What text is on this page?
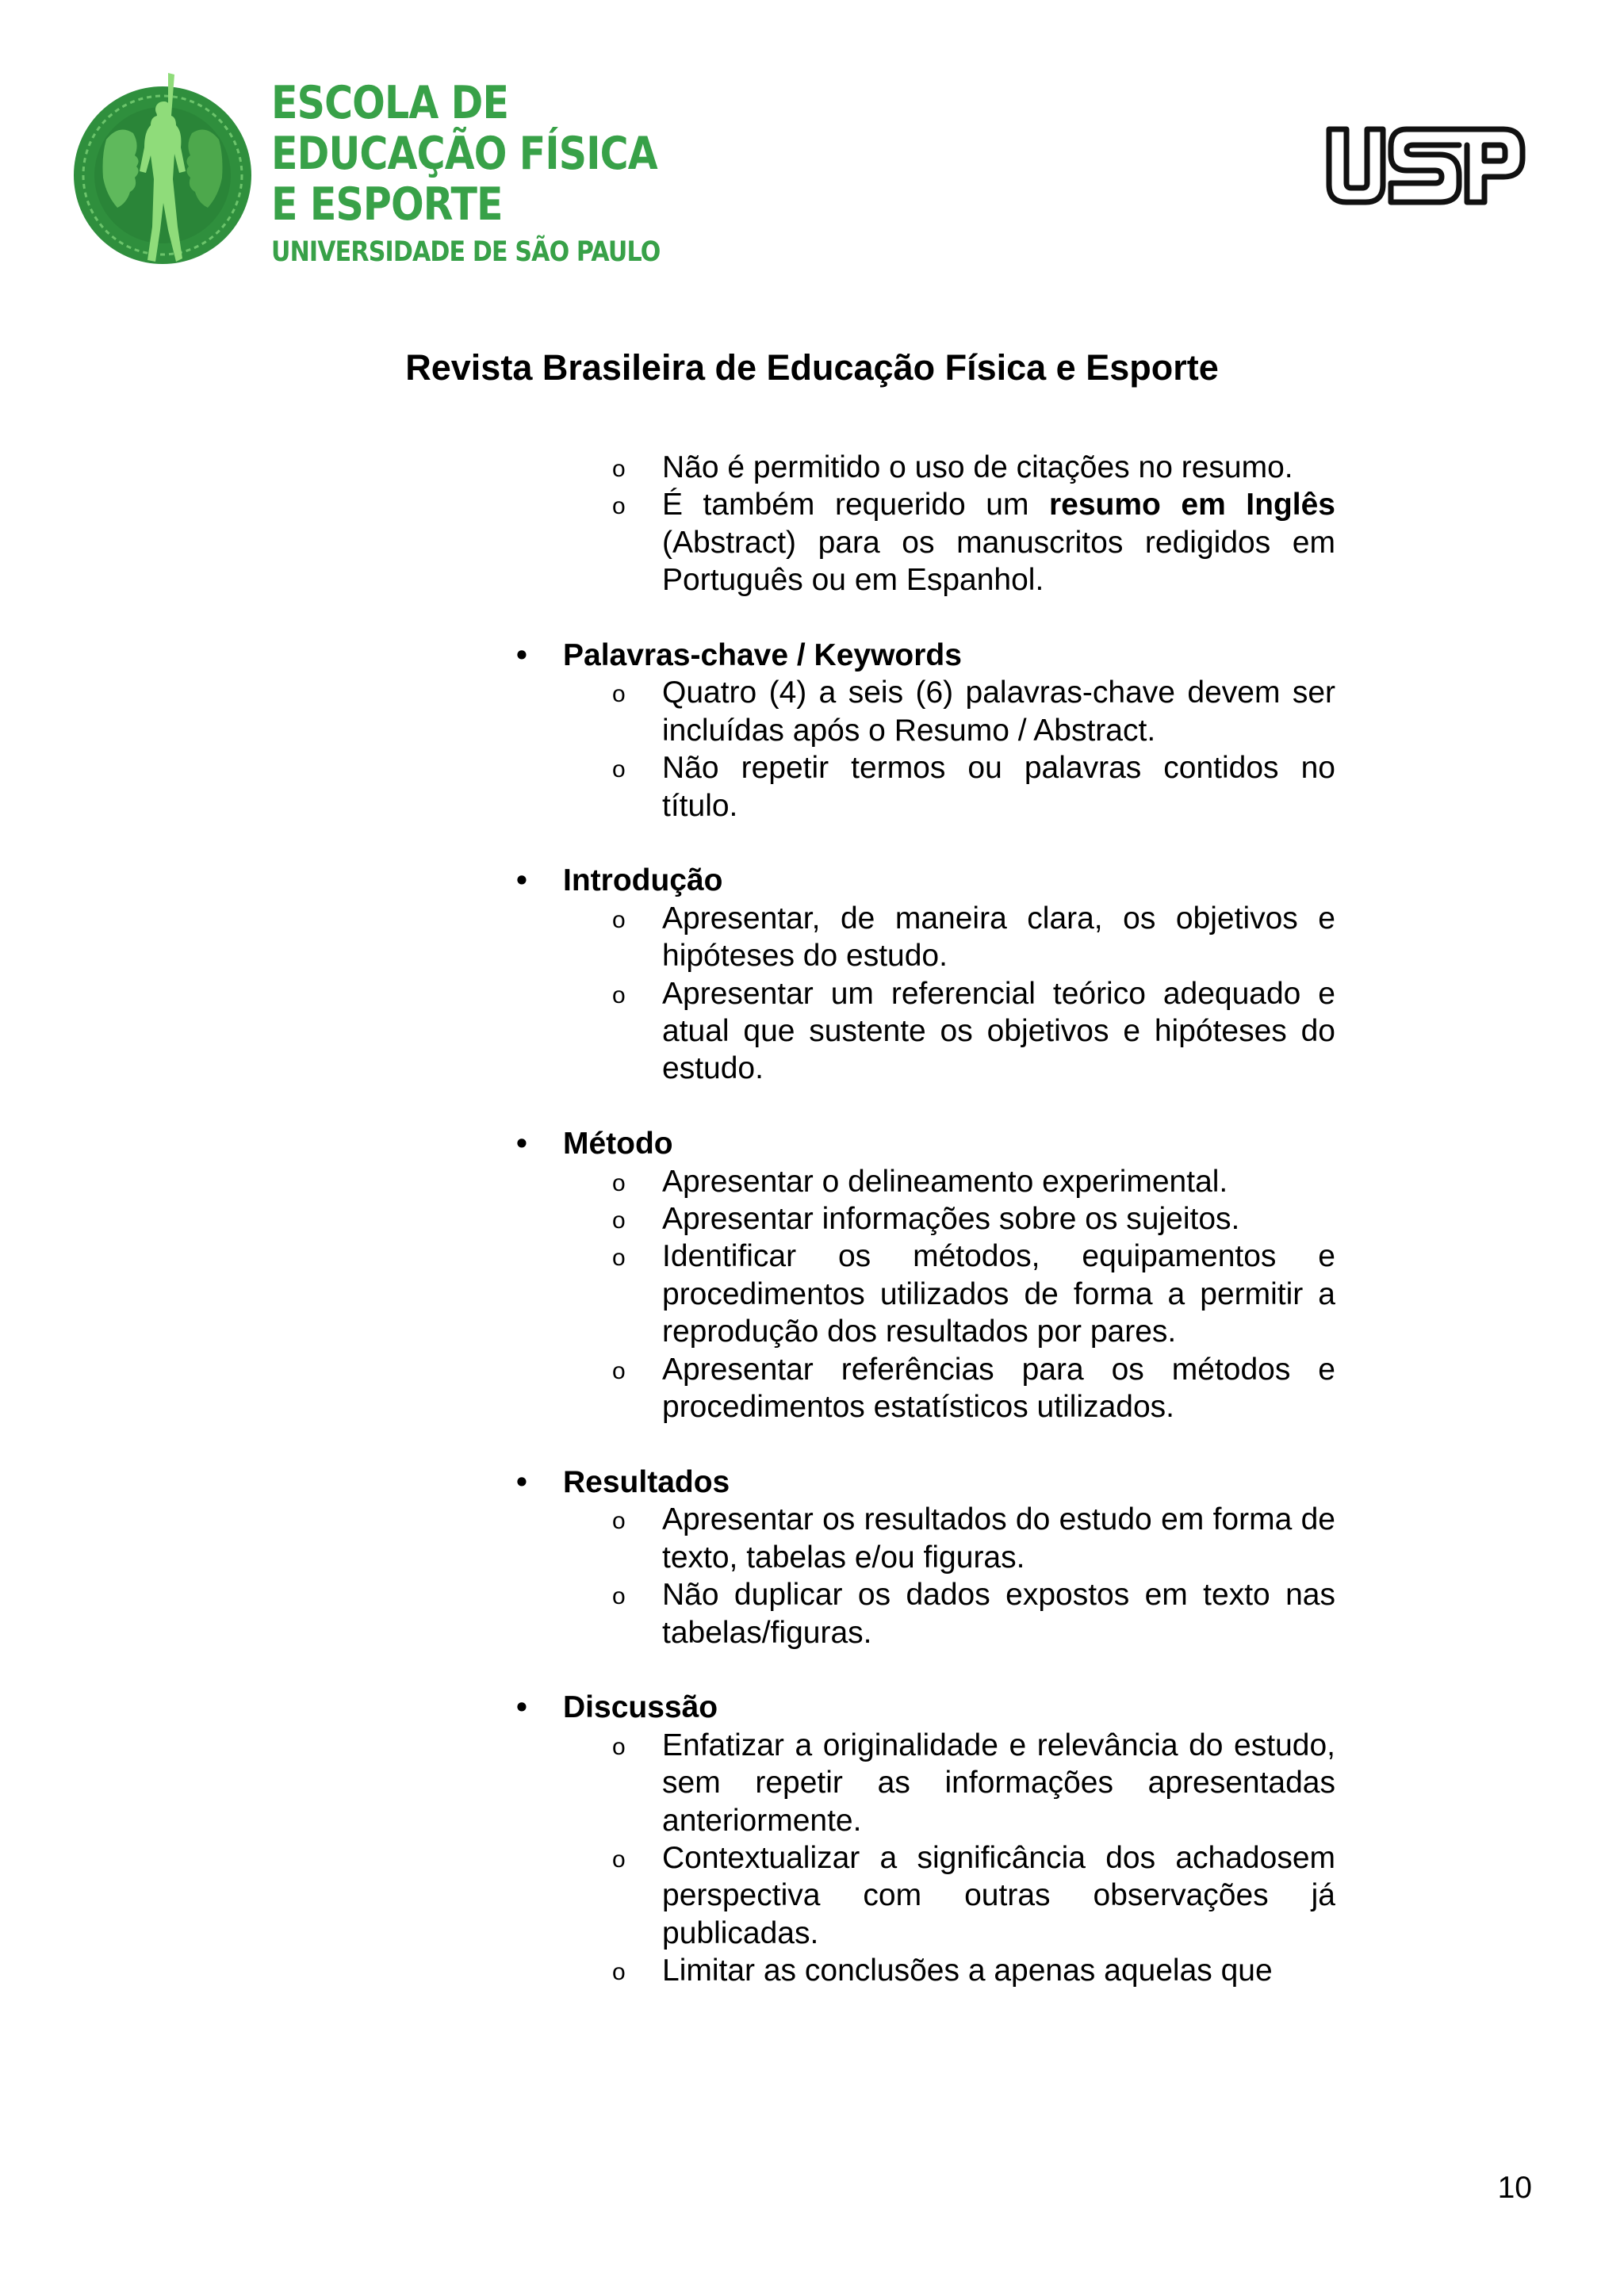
ESCOLA DE
EDUCAÇÃO FÍSICA
E ESPORTE
UNIVERSIDADE DE SÃO PAULO
USP
Revista Brasileira de Educação Física e Esporte
o	Não é permitido o uso de citações no resumo.
o	É também requerido um resumo em Inglês (Abstract) para os manuscritos redigidos em Português ou em Espanhol.
• Palavras-chave / Keywords
o	Quatro (4) a seis (6) palavras-chave devem ser incluídas após o Resumo / Abstract.
o	Não repetir termos ou palavras contidos no título.
• Introdução
o	Apresentar, de maneira clara, os objetivos e hipóteses do estudo.
o	Apresentar um referencial teórico adequado e atual que sustente os objetivos e hipóteses do estudo.
• Método
o	Apresentar o delineamento experimental.
o	Apresentar informações sobre os sujeitos.
o	Identificar os métodos, equipamentos e procedimentos utilizados de forma a permitir a reprodução dos resultados por pares.
o	Apresentar referências para os métodos e procedimentos estatísticos utilizados.
• Resultados
o	Apresentar os resultados do estudo em forma de texto, tabelas e/ou figuras.
o	Não duplicar os dados expostos em texto nas tabelas/figuras.
• Discussão
o	Enfatizar a originalidade e relevância do estudo, sem repetir as informações apresentadas anteriormente.
o	Contextualizar a significância dos achadosem perspectiva com outras observações já publicadas.
o	Limitar as conclusões a apenas aquelas que
10
